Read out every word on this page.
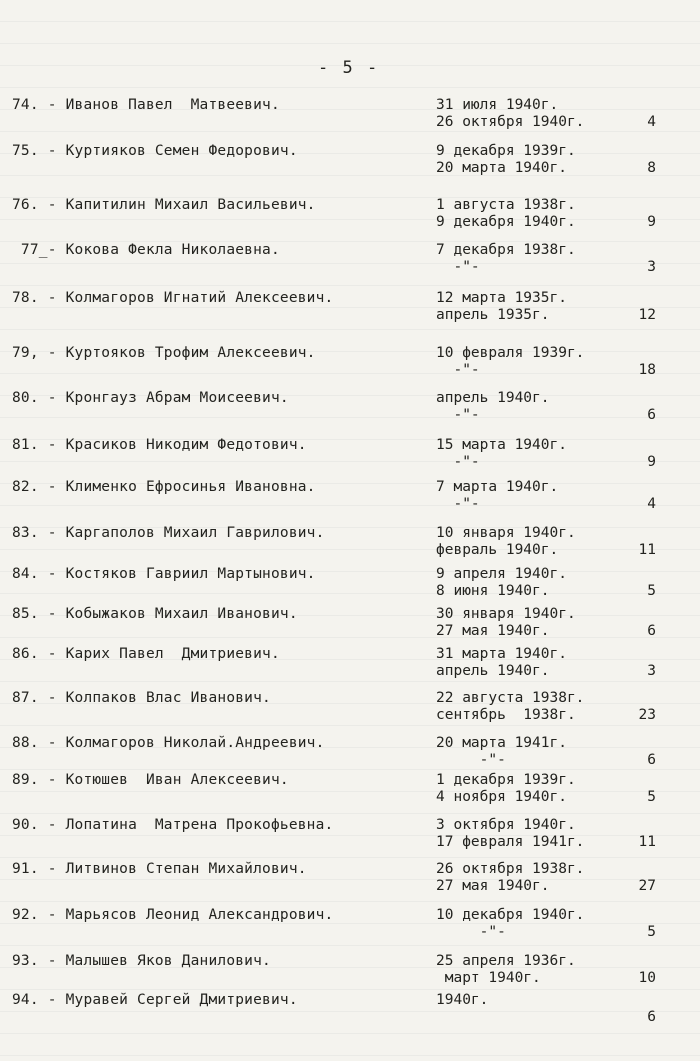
- 5 -
74. - Иванов Павел  Матвеевич.	31 июля 1940г.
26 октября 1940г.	4
75. - Куртияков Семен Федорович.	9 декабря 1939г.
20 марта 1940г.	8
76. - Капитилин Михаил Васильевич.	1 августа 1938г.
9 декабря 1940г.	9
77_- Кокова Фекла Николаевна.	7 декабря 1938г.
-"-	3
78. - Колмагоров Игнатий Алексеевич.	12 марта 1935г.
апрель 1935г.	12
79, - Куртояков Трофим Алексеевич.	10 февраля 1939г.
-"-	18
80. - Кронгауз Абрам Моисеевич.	апрель 1940г.
-"-	6
81. - Красиков Никодим Федотович.	15 марта 1940г.
-"-	9
82. - Клименко Ефросинья Ивановна.	7 марта 1940г.
-"-	4
83. - Каргаполов Михаил Гаврилович.	10 января 1940г.
февраль 1940г.	11
84. - Костяков Гавриил Мартынович.	9 апреля 1940г.
8 июня 1940г.	5
85. - Кобыжаков Михаил Иванович.	30 января 1940г.
27 мая 1940г.	6
86. - Карих Павел  Дмитриевич.	31 марта 1940г.
апрель 1940г.	3
87. - Колпаков Влас Иванович.	22 августа 1938г.
сентябрь  1938г.	23
88. - Колмагоров Николай.Андреевич.	20 марта 1941г.
-"-	6
89. - Котюшев  Иван Алексеевич.	1 декабря 1939г.
4 ноября 1940г.	5
90. - Лопатина  Матрена Прокофьевна.	3 октября 1940г.
17 февраля 1941г.	11
91. - Литвинов Степан Михайлович.	26 октября 1938г.
27 мая 1940г.	27
92. - Марьясов Леонид Александрович.	10 декабря 1940г.
-"-	5
93. - Малышев Яков Данилович.	25 апреля 1936г.
март 1940г.	10
94. - Муравей Сергей Дмитриевич.	1940г.
6
